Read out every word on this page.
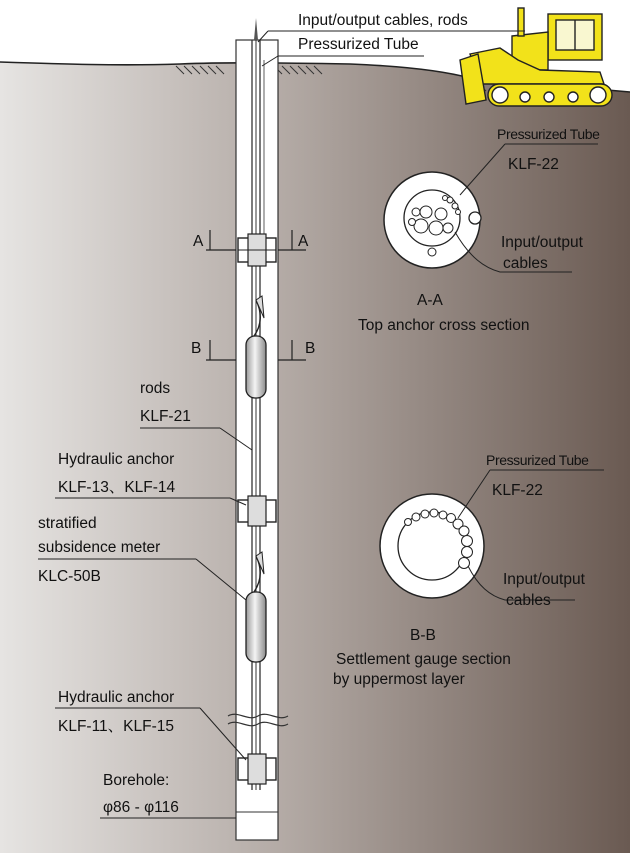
A	A
B	B
Input/output cables, rods
Pressurized Tube
Pressurized Tube
KLF-22
Input/output
cables
A-A
Top anchor cross section
Pressurized Tube
KLF-22
Input/output
cables
B-B
Settlement gauge section
by uppermost layer
rods
KLF-21
Hydraulic anchor
KLF-13、KLF-14
stratified
subsidence meter
KLC-50B
Hydraulic anchor
KLF-11、KLF-15
Borehole:
φ86 - φ116
